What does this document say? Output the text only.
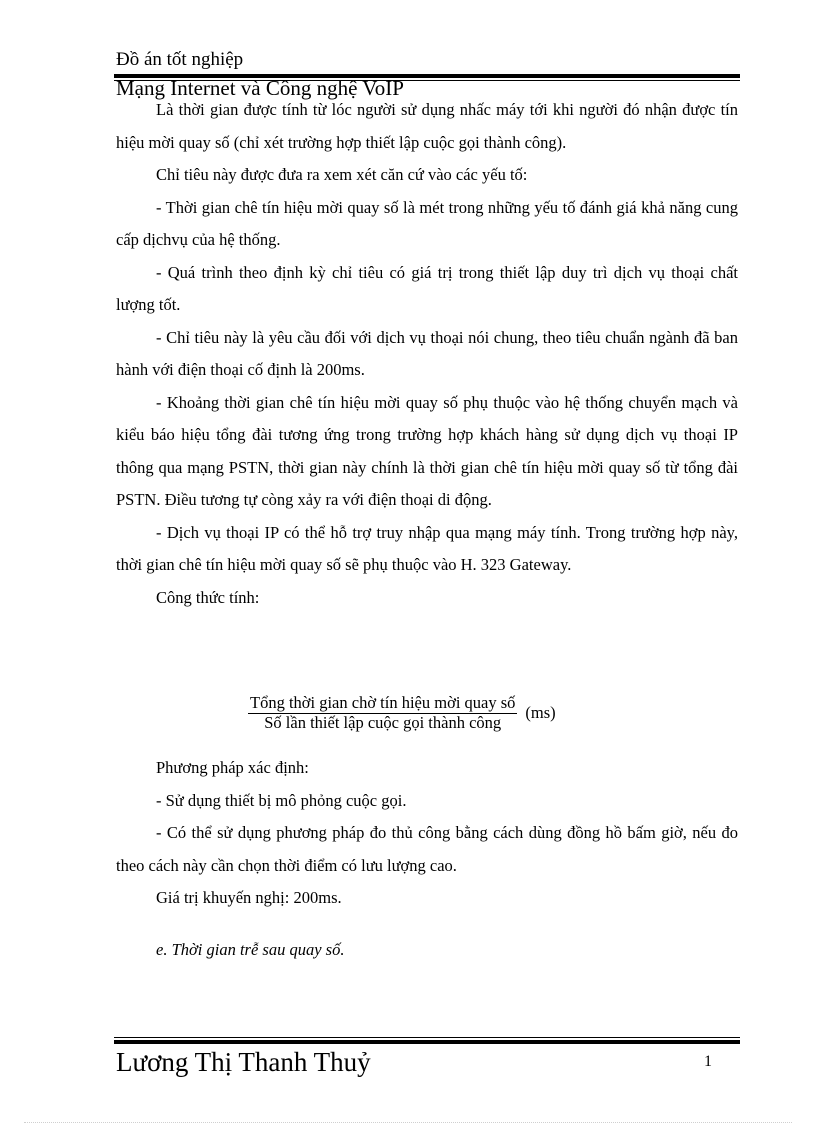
Đồ án tốt nghiệp
Mạng Internet và Công nghệ VoIP

Là thời gian được tính từ lóc người sử dụng nhấc máy tới khi người đó nhận được tín hiệu mời quay số (chỉ xét trường hợp thiết lập cuộc gọi thành công).

Chỉ tiêu này được đưa ra xem xét căn cứ vào các yếu tố:

- Thời gian chê tín hiệu mời quay số là mét trong những yếu tố đánh giá khả năng cung cấp dịchvụ của hệ thống.

- Quá trình theo định kỳ chỉ tiêu có giá trị trong thiết lập duy trì dịch vụ thoại chất lượng tốt.

- Chỉ tiêu này là yêu cầu đối với dịch vụ thoại nói chung, theo tiêu chuẩn ngành đã ban hành với điện thoại cố định là 200ms.

- Khoảng thời gian chê tín hiệu mời quay số phụ thuộc vào hệ thống chuyển mạch và kiểu báo hiệu tổng đài tương ứng trong trường hợp khách hàng sử dụng dịch vụ thoại IP thông qua mạng PSTN, thời gian này chính là thời gian chê tín hiệu mời quay số từ tổng đài PSTN. Điều tương tự còng xảy ra với điện thoại di động.

- Dịch vụ thoại IP có thể hỗ trợ truy nhập qua mạng máy tính. Trong trường hợp này, thời gian chê tín hiệu mời quay số sẽ phụ thuộc vào H. 323 Gateway.

Công thức tính:

$\frac{\text{Tổng thời gian chờ tín hiệu mời quay số}}{\text{Số lần thiết lập cuộc gọi thành công}} (ms)$

Phương pháp xác định:

- Sử dụng thiết bị mô phỏng cuộc gọi.

- Có thể sử dụng phương pháp đo thủ công bằng cách dùng đồng hồ bấm giờ, nếu đo theo cách này cần chọn thời điểm có lưu lượng cao.

Giá trị khuyến nghị: 200ms.

e. Thời gian trễ sau quay số.
Lương Thị Thanh Thuỷ	1
